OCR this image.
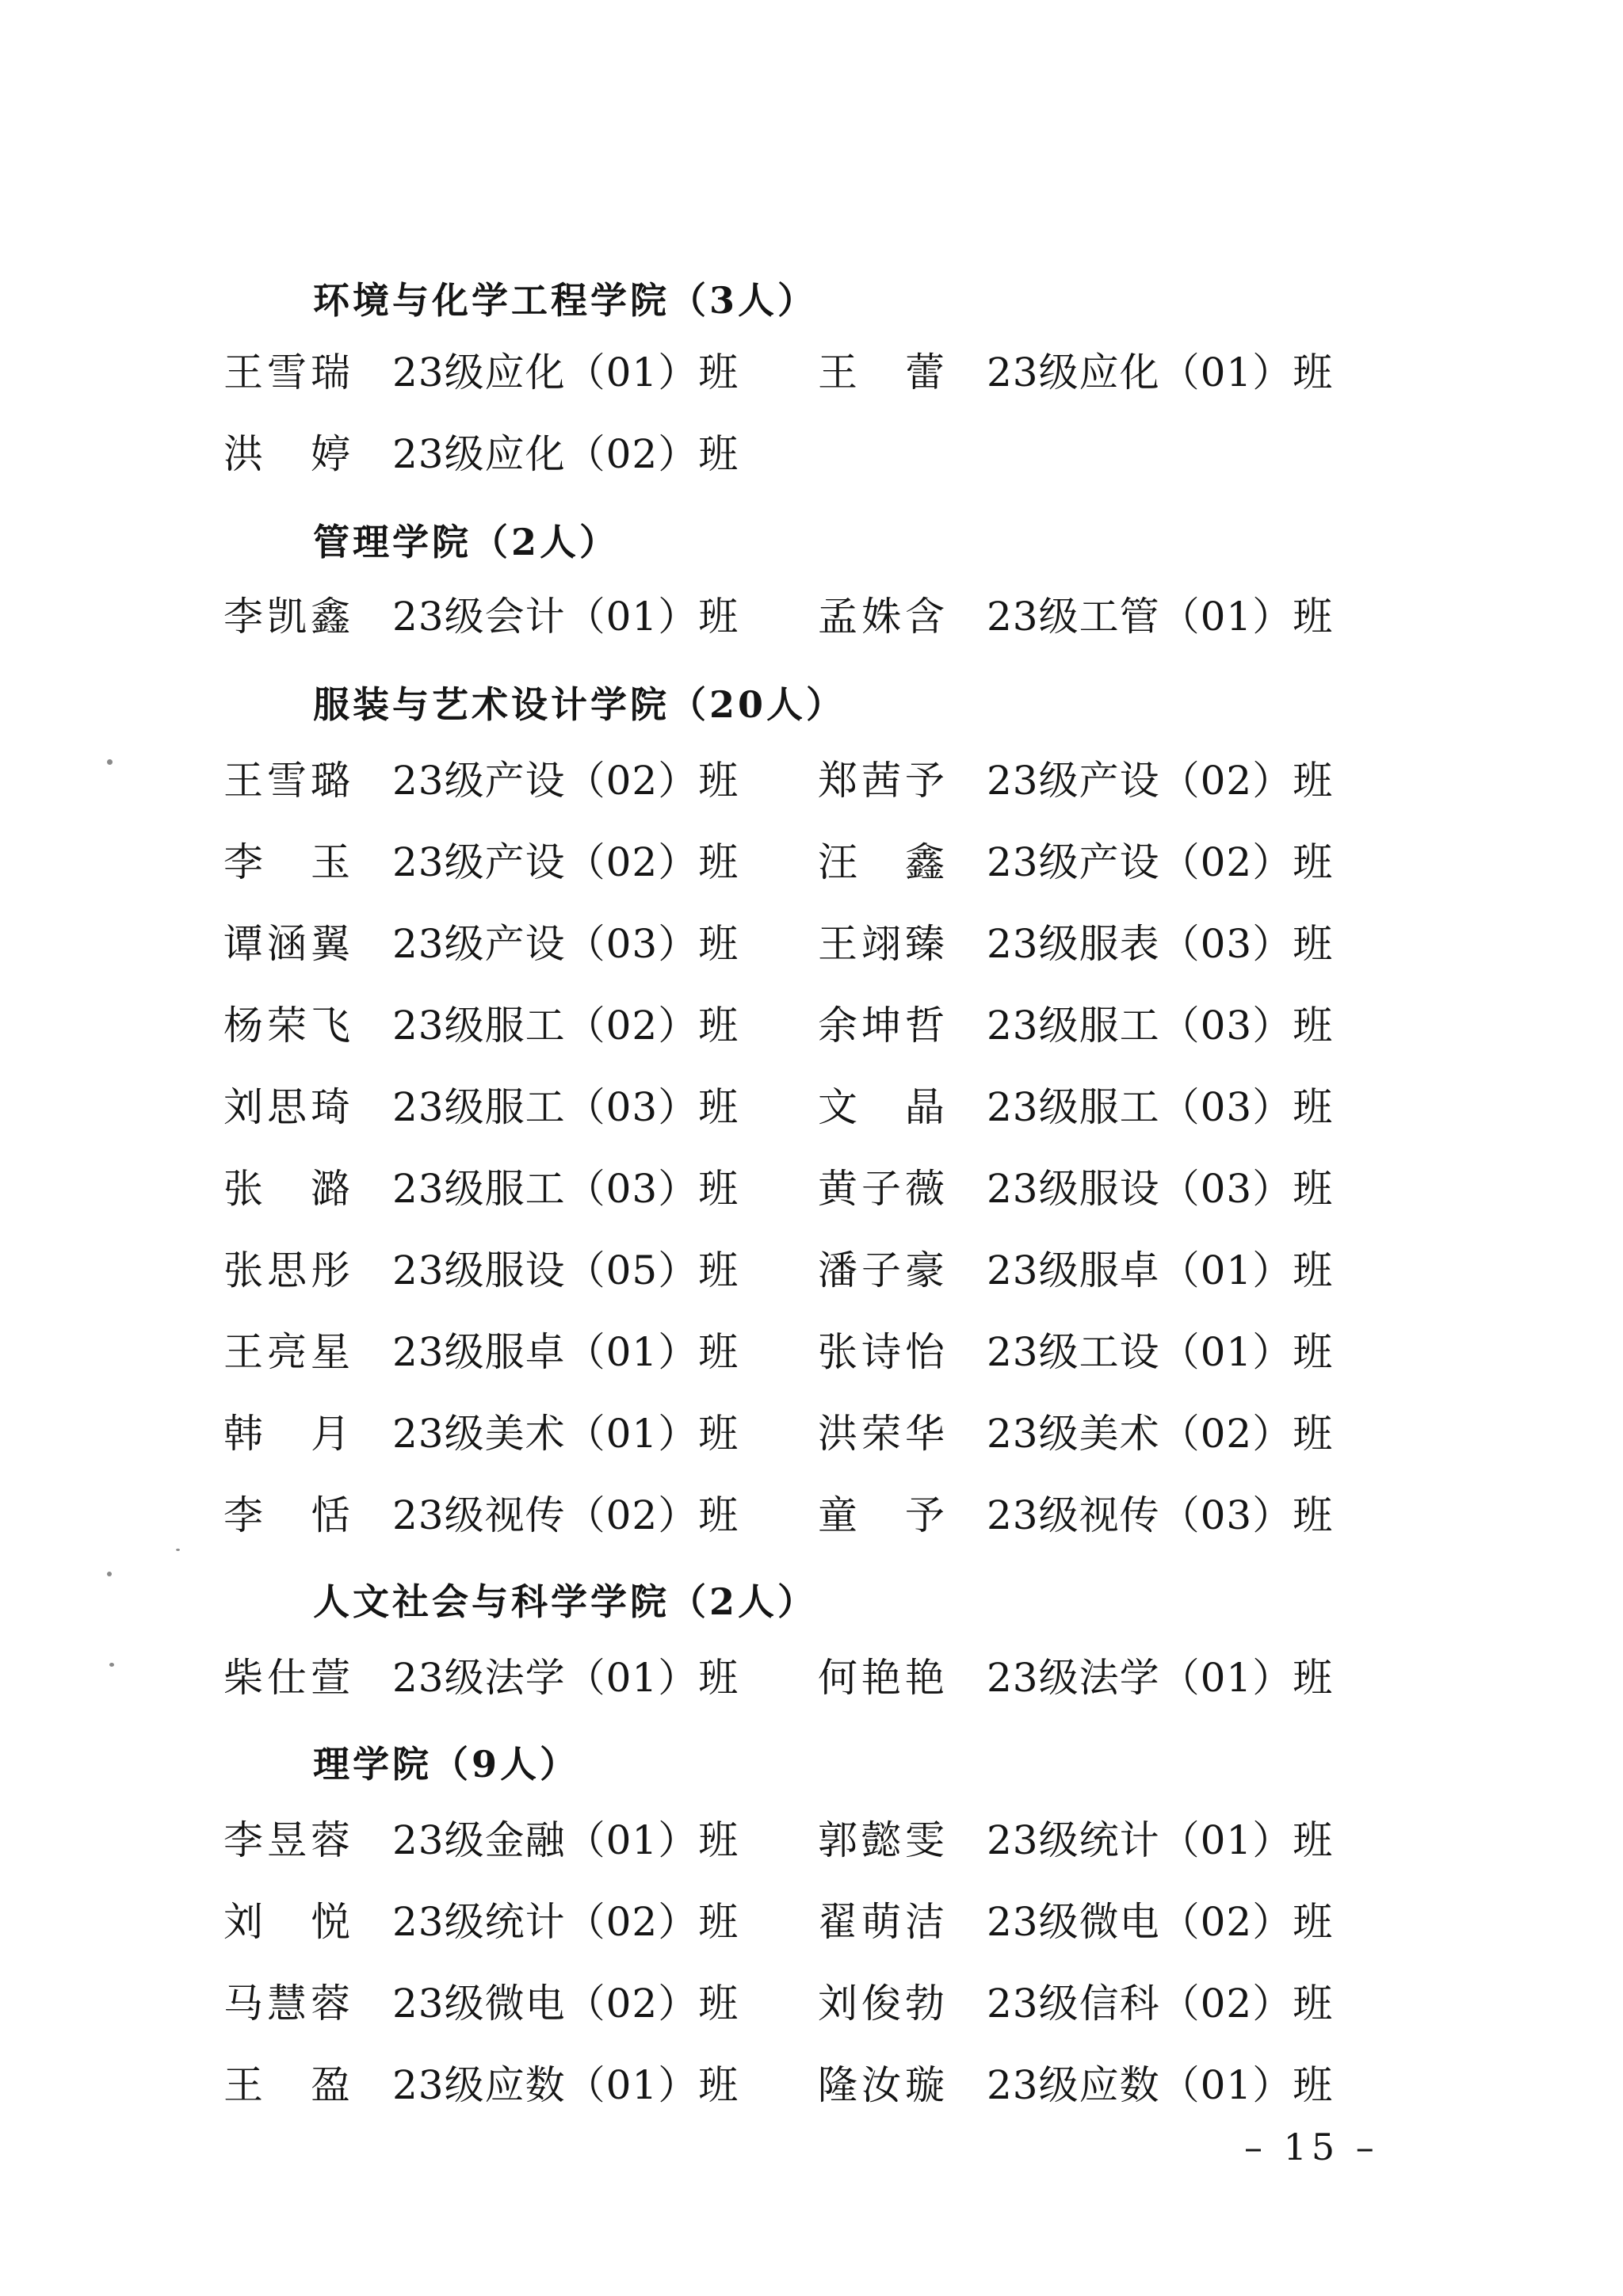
环境与化学工程学院（3人）
王雪瑞 23级应化（01）班 王蕾 23级应化（01）班
洪婷 23级应化（02）班
管理学院（2人）
李凯鑫 23级会计（01）班 孟姝含 23级工管（01）班
服装与艺术设计学院（20人）
王雪璐 23级产设（02）班 郑茜予 23级产设（02）班
李玉 23级产设（02）班 汪鑫 23级产设（02）班
谭涵翼 23级产设（03）班 王翊臻 23级服表（03）班
杨荣飞 23级服工（02）班 余坤哲 23级服工（03）班
刘思琦 23级服工（03）班 文晶 23级服工（03）班
张潞 23级服工（03）班 黄子薇 23级服设（03）班
张思彤 23级服设（05）班 潘子豪 23级服卓（01）班
王亮星 23级服卓（01）班 张诗怡 23级工设（01）班
韩月 23级美术（01）班 洪荣华 23级美术（02）班
李恬 23级视传（02）班 童予 23级视传（03）班
人文社会与科学学院（2人）
柴仕萱 23级法学（01）班 何艳艳 23级法学（01）班
理学院（9人）
李昱蓉 23级金融（01）班 郭懿雯 23级统计（01）班
刘悦 23级统计（02）班 翟萌洁 23级微电（02）班
马慧蓉 23级微电（02）班 刘俊勃 23级信科（02）班
王盈 23级应数（01）班 隆汝璇 23级应数（01）班
– 15 –
